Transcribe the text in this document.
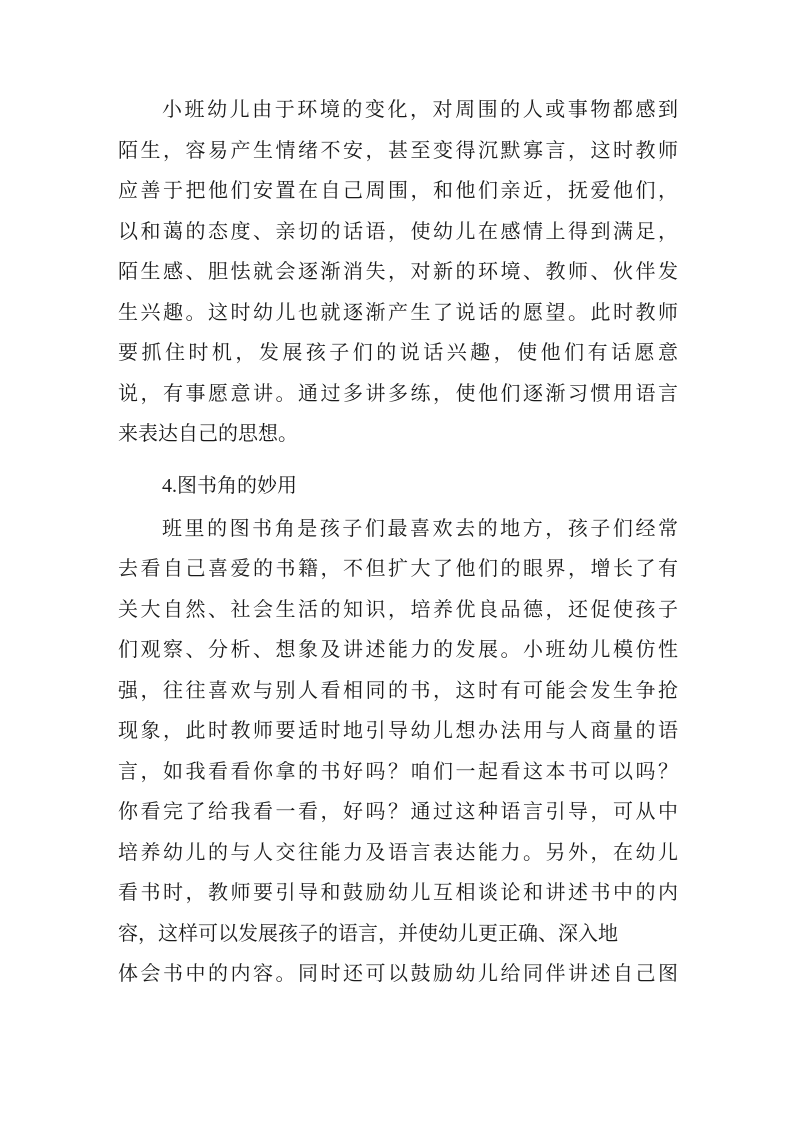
小班幼儿由于环境的变化，对周围的人或事物都感到
陌生，容易产生情绪不安，甚至变得沉默寡言，这时教师
应善于把他们安置在自己周围，和他们亲近，抚爱他们，
以和蔼的态度、亲切的话语，使幼儿在感情上得到满足，
陌生感、胆怯就会逐渐消失，对新的环境、教师、伙伴发
生兴趣。这时幼儿也就逐渐产生了说话的愿望。此时教师
要抓住时机，发展孩子们的说话兴趣，使他们有话愿意
说，有事愿意讲。通过多讲多练，使他们逐渐习惯用语言
来表达自己的思想。
4.图书角的妙用
班里的图书角是孩子们最喜欢去的地方，孩子们经常
去看自己喜爱的书籍，不但扩大了他们的眼界，增长了有
关大自然、社会生活的知识，培养优良品德，还促使孩子
们观察、分析、想象及讲述能力的发展。小班幼儿模仿性
强，往往喜欢与别人看相同的书，这时有可能会发生争抢
现象，此时教师要适时地引导幼儿想办法用与人商量的语
言，如我看看你拿的书好吗？咱们一起看这本书可以吗？
你看完了给我看一看，好吗？通过这种语言引导，可从中
培养幼儿的与人交往能力及语言表达能力。另外，在幼儿
看书时，教师要引导和鼓励幼儿互相谈论和讲述书中的内
容，这样可以发展孩子的语言，并使幼儿更正确、深入地
体会书中的内容。同时还可以鼓励幼儿给同伴讲述自己图
